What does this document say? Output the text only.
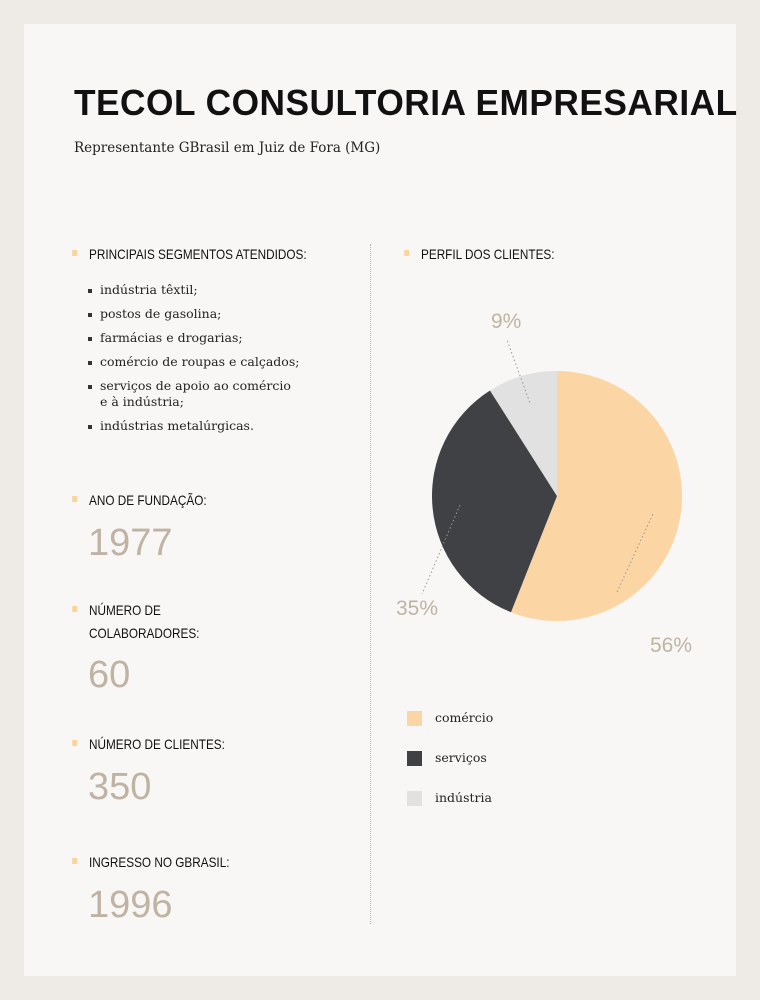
TECOL CONSULTORIA EMPRESARIAL
Representante GBrasil em Juiz de Fora (MG)
PRINCIPAIS SEGMENTOS ATENDIDOS:
indústria têxtil;
postos de gasolina;
farmácias e drogarias;
comércio de roupas e calçados;
serviços de apoio ao comércio e à indústria;
indústrias metalúrgicas.
ANO DE FUNDAÇÃO:
1977
NÚMERO DE
COLABORADORES:
60
NÚMERO DE CLIENTES:
350
INGRESSO NO GBRASIL:
1996
PERFIL DOS CLIENTES:
56%
35%
9%
comércio
serviços
indústria
